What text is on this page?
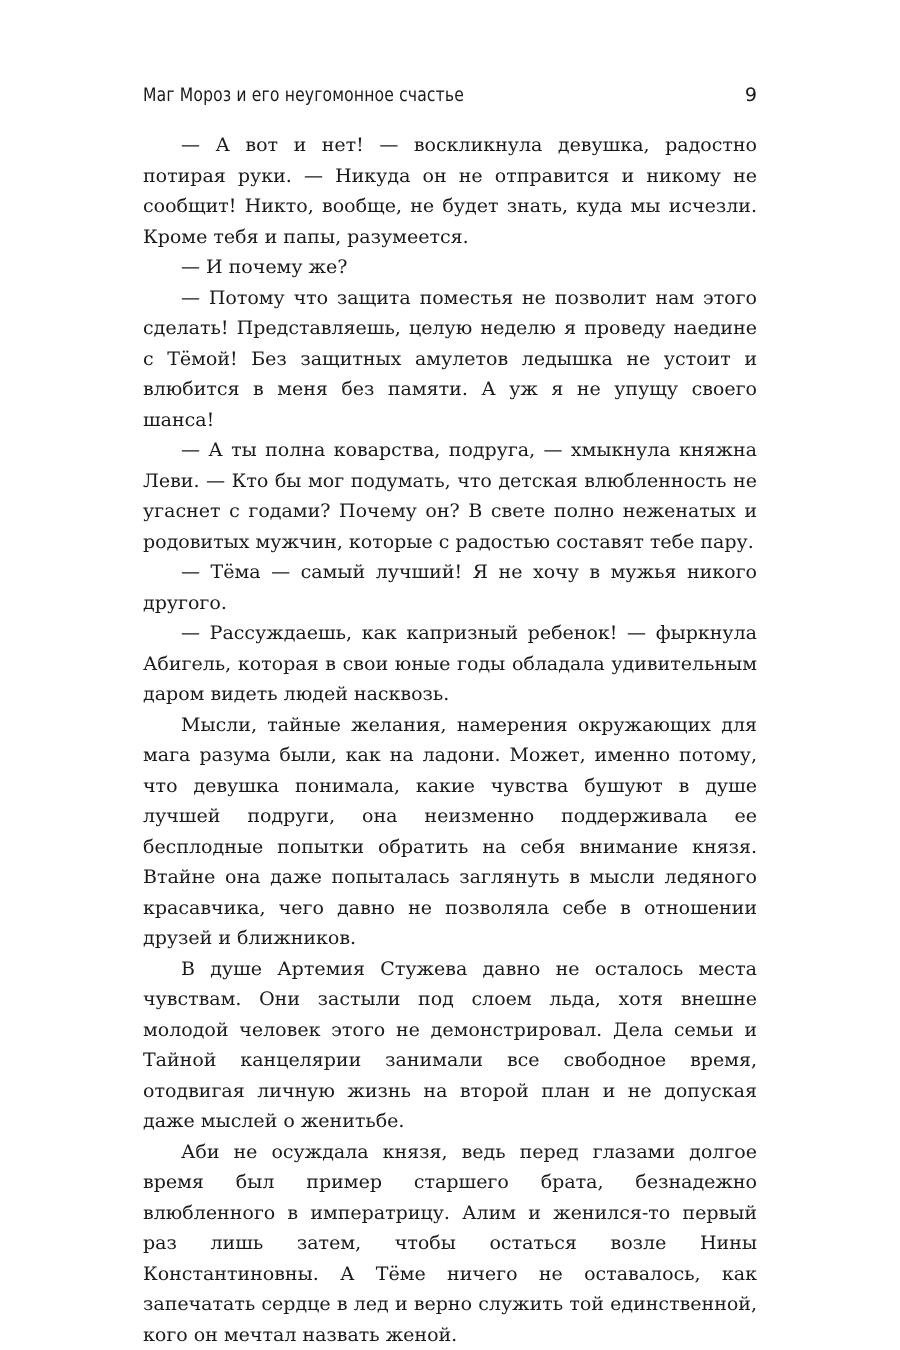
Маг Мороз и его неугомонное счастье	9

— А вот и нет! — воскликнула девушка, радостно потирая руки. — Никуда он не отправится и никому не сообщит! Никто, вообще, не будет знать, куда мы исчезли. Кроме тебя и папы, разумеется.

— И почему же?

— Потому что защита поместья не позволит нам этого сделать! Представляешь, целую неделю я проведу наедине с Тёмой! Без защитных амулетов ледышка не устоит и влюбится в меня без памяти. А уж я не упущу своего шанса!

— А ты полна коварства, подруга, — хмыкнула княжна Леви. — Кто бы мог подумать, что детская влюбленность не угаснет с годами? Почему он? В свете полно неженатых и родовитых мужчин, которые с радостью составят тебе пару.

— Тёма — самый лучший! Я не хочу в мужья никого другого.

— Рассуждаешь, как капризный ребенок! — фыркнула Абигель, которая в свои юные годы обладала удивительным даром видеть людей насквозь.

Мысли, тайные желания, намерения окружающих для мага разума были, как на ладони. Может, именно потому, что девушка понимала, какие чувства бушуют в душе лучшей подруги, она неизменно поддерживала ее бесплодные попытки обратить на себя внимание князя. Втайне она даже попыталась заглянуть в мысли ледяного красавчика, чего давно не позволяла себе в отношении друзей и ближников.

В душе Артемия Стужева давно не осталось места чувствам. Они застыли под слоем льда, хотя внешне молодой человек этого не демонстрировал. Дела семьи и Тайной канцелярии занимали все свободное время, отодвигая личную жизнь на второй план и не допуская даже мыслей о женитьбе.

Аби не осуждала князя, ведь перед глазами долгое время был пример старшего брата, безнадежно влюбленного в императрицу. Алим и женился-то первый раз лишь затем, чтобы остаться возле Нины Константиновны. А Тёме ничего не оставалось, как запечатать сердце в лед и верно служить той единственной, кого он мечтал назвать женой.
